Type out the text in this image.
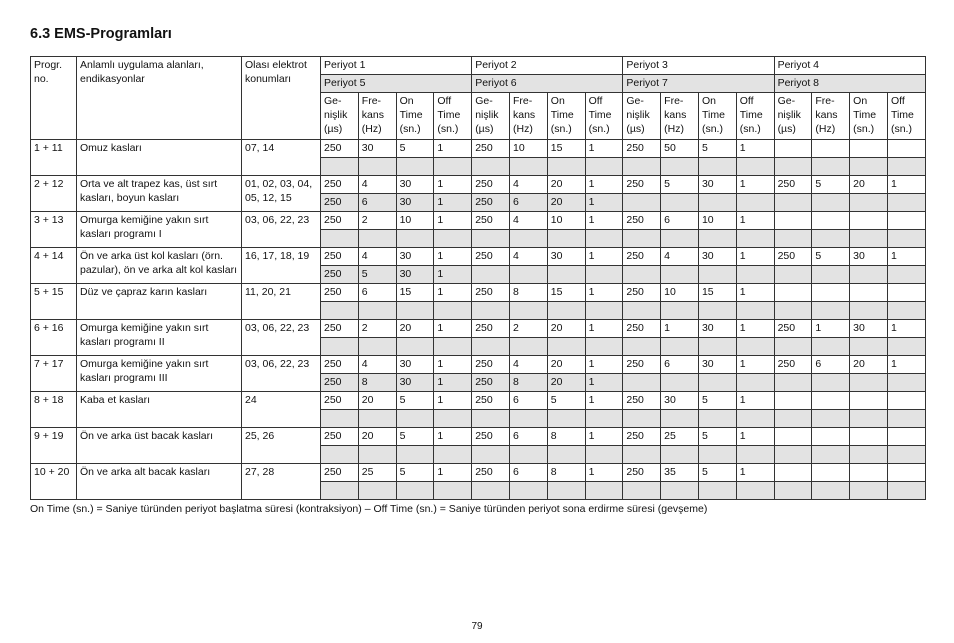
6.3 EMS-Programları
Progr. no.	Anlamlı uygulama alanları, endikasyonlar	Olası elektrot konumları	Periyot 1				Periyot 2				Periyot 3				Periyot 4			
			Periyot 5				Periyot 6				Periyot 7				Periyot 8			
			Ge-
nişlik
(µs)	Fre-
kans
(Hz)	On
Time
(sn.)	Off
Time
(sn.)	Ge-
nişlik
(µs)	Fre-
kans
(Hz)	On
Time
(sn.)	Off
Time
(sn.)	Ge-
nişlik
(µs)	Fre-
kans
(Hz)	On
Time
(sn.)	Off
Time
(sn.)	Ge-
nişlik
(µs)	Fre-
kans
(Hz)	On
Time
(sn.)	Off
Time
(sn.)
1 + 11	Omuz kasları	07, 14	250	30	5	1	250	10	15	1	250	50	5	1				

2 + 12	Orta ve alt trapez kas, üst sırt kasları, boyun kasları	01, 02, 03, 04, 05, 12, 15	250	4	30	1	250	4	20	1	250	5	30	1	250	5	20	1
			250	6	30	1	250	6	20	1								
3 + 13	Omurga kemiğine yakın sırt kasları programı I	03, 06, 22, 23	250	2	10	1	250	4	10	1	250	6	10	1				

4 + 14	Ön ve arka üst kol kasları (örn. pazular), ön ve arka alt kol kasları	16, 17, 18, 19	250	4	30	1	250	4	30	1	250	4	30	1	250	5	30	1
			250	5	30	1												
5 + 15	Düz ve çapraz karın kasları	11, 20, 21	250	6	15	1	250	8	15	1	250	10	15	1				

6 + 16	Omurga kemiğine yakın sırt kasları programı II	03, 06, 22, 23	250	2	20	1	250	2	20	1	250	1	30	1	250	1	30	1

7 + 17	Omurga kemiğine yakın sırt kasları programı III	03, 06, 22, 23	250	4	30	1	250	4	20	1	250	6	30	1	250	6	20	1
			250	8	30	1	250	8	20	1								
8 + 18	Kaba et kasları	24	250	20	5	1	250	6	5	1	250	30	5	1				

9 + 19	Ön ve arka üst bacak kasları	25, 26	250	20	5	1	250	6	8	1	250	25	5	1				

10 + 20	Ön ve arka alt bacak kasları	27, 28	250	25	5	1	250	6	8	1	250	35	5	1				

On Time (sn.) = Saniye türünden periyot başlatma süresi (kontraksiyon) – Off Time (sn.) = Saniye türünden periyot sona erdirme süresi (gevşeme)

79
